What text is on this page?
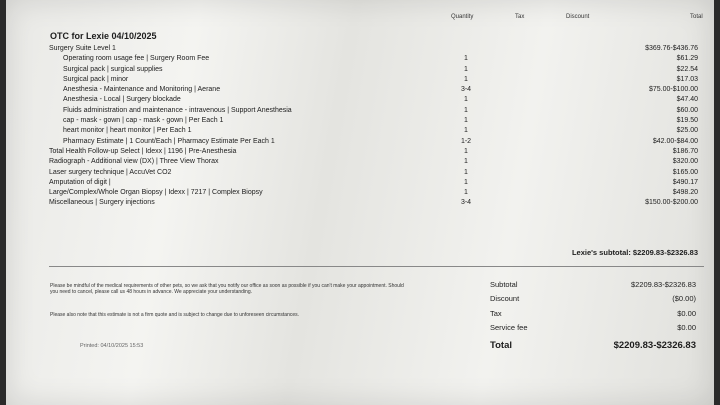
Quantity	Tax	Discount	Total
OTC for Lexie 04/10/2025
Surgery Suite Level 1	$369.76-$436.76
Operating room usage fee | Surgery Room Fee	1	$61.29
Surgical pack | surgical supplies	1	$22.54
Surgical pack | minor	1	$17.03
Anesthesia - Maintenance and Monitoring | Aerane	3-4	$75.00-$100.00
Anesthesia - Local | Surgery blockade	1	$47.40
Fluids administration and maintenance - intravenous | Support Anesthesia	1	$60.00
cap - mask - gown | cap - mask - gown | Per Each 1	1	$19.50
heart monitor | heart monitor | Per Each 1	1	$25.00
Pharmacy Estimate | 1 Count/Each | Pharmacy Estimate Per Each 1	1-2	$42.00-$84.00
Total Health Follow-up Select | Idexx | 1196 | Pre-Anesthesia	1	$186.70
Radiograph - Additional view (DX) | Three View Thorax	1	$320.00
Laser surgery technique | AccuVet CO2	1	$165.00
Amputation of digit |	1	$490.17
Large/Complex/Whole Organ Biopsy | Idexx | 7217 | Complex Biopsy	1	$498.20
Miscellaneous | Surgery injections	3-4	$150.00-$200.00
Lexie's subtotal: $2209.83-$2326.83
Please be mindful of the medical requirements of other pets, so we ask that you notify our office as soon as possible if you can't make your appointment. Should you need to cancel, please call us 48 hours in advance. We appreciate your understanding.
Please also note that this estimate is not a firm quote and is subject to change due to unforeseen circumstances.
Printed: 04/10/2025 15:53
Subtotal	$2209.83-$2326.83
Discount	($0.00)
Tax	$0.00
Service fee	$0.00
Total	$2209.83-$2326.83
